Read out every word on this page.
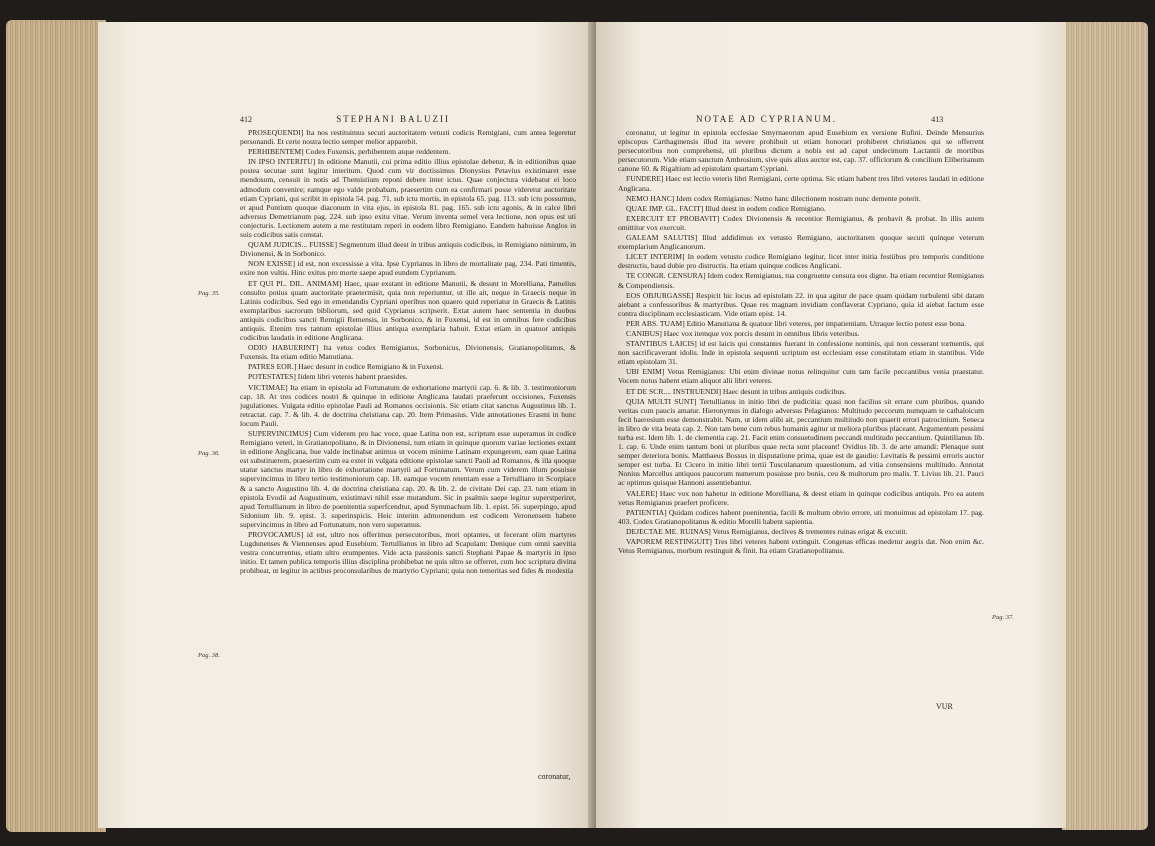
412	STEPHANI BALUZII
Pag. 35.
Pag. 36.
Pag. 38.

PROSEQUENDI] Ita nos restituimus secuti auctoritatem vetusti codicis Remigiani, cum antea legeretur personandi. Et certe nostra lectio semper melior apparebit.

PERHIBENTEM] Codex Fuxensis, perhibentem atque reddentem.

IN IPSO INTERITU] In editione Manutii, cui prima editio illius epistolae debetur, & in editionibus quae postea secutae sunt legitur interitum. Quod cum vir doctissimus Dionysius Petavius existimaret esse mendosum, censuit in notis ad Themistium reponi debere inter ictus. Quae conjectura videbatur ei loco admodum convenire; eamque ego valde probabam, praesertim cum ea confirmari posse videretur auctoritate etiam Cypriani, qui scribit in epistola 54. pag. 71. sub ictu mortis, in epistola 65. pag. 113. sub ictu possumus, et apud Pontium quoque diaconum in vita ejus, in epistola 81. pag. 165. sub ictu agonis, & in calce libri adversus Demetrianum pag. 224. sub ipso exitu vitae. Verum inventa semel vera lectione, non opus est uti conjecturis. Lectionem autem a me restitutam reperi in eodem libro Remigiano. Eandem habuisse Anglos in suis codicibus satis constat.

QUAM JUDICIS... FUISSE] Segmentum illud deest in tribus antiquis codicibus, in Remigiano nimirum, in Divionensi, & in Sorbonico.

NON EXISSE] id est, non excessisse a vita. Ipse Cyprianus in libro de mortalitate pag. 234. Pati timentis, exire non vultis. Hinc exitus pro morte saepe apud eundem Cyprianum.

ET QUI PL. DIL. ANIMAM] Haec, quae exstant in editione Manutii, & desunt in Morelliana, Pamelius consulto potius quam auctoritate praetermisit, quia non reperiuntur, ut ille ait, neque in Graecis neque in Latinis codicibus. Sed ego in emendandis Cypriani operibus non quaero quid reperiatur in Graecis & Latinis exemplaribus sacrorum bibliorum, sed quid Cyprianus scripserit. Extat autem haec sententia in duobus antiquis codicibus sancti Remigii Remensis, in Sorbonico, & in Fuxensi, id est in omnibus fere codicibus antiquis. Etenim tres tantum epistolae illius antiqua exemplaria habuit. Extat etiam in quatuor antiquis codicibus laudatis in editione Anglicana.

ODIO HABUERINT] Ita vetus codex Remigianus, Sorbonicus, Divionensis, Gratianopolitanus, & Fuxensis. Ita etiam editio Manutiana.

PATRES EOR.] Haec desunt in codice Remigiano & in Fuxensi.

POTESTATES] Iidem libri veteres habent praesides.

VICTIMAE] Ita etiam in epistola ad Fortunatum de exhortatione martyrii cap. 6. & lib. 3. testimoniorum cap. 18. At tres codices nostri & quinque in editione Anglicana laudati praeferunt occisiones, Fuxensis jugulationes. Vulgata editio epistolae Pauli ad Romanos occisionis. Sic etiam citat sanctus Augustinus lib. 1. retractat. cap. 7. & lib. 4. de doctrina christiana cap. 20. Item Primasius. Vide annotationes Erasmi in hunc locum Pauli.

SUPERVINCIMUS] Cum viderem pro hac voce, quae Latina non est, scriptum esse superamus in codice Remigiano veteri, in Gratianopolitano, & in Divionensi, tum etiam in quinque quorum variae lectiones extant in editione Anglicana, hue valde inclinabat animus ut vocem minime Latinam expungerem, eam quae Latina est substituerem, praesertim cum ea extet in vulgata editione epistolae sancti Pauli ad Romanos, & illa quoque utatur sanctus martyr in libro de exhortatione martyrii ad Fortunatum. Verum cum viderem illum posuisse supervincimus in libro tertio testimoniorum cap. 18. eamque vocem retentam esse a Tertulliano in Scorpiace & a sancto Augustino lib. 4. de doctrina christiana cap. 20. & lib. 2. de civitate Dei cap. 23. tum etiam in epistola Evodii ad Augustinum, existimavi nihil esse mutandum. Sic in psalmis saepe legitur superstperiret, apud Tertullianum in libro de poenitentia superfcendtur, apud Symmachum lib. 1. epist. 56. superpingo, apud Sidonium lib. 9. epist. 3. superinspicis. Heic interim admonendum est codicem Veronensem habere supervincimus in libro ad Fortunatum, non vero superamus.

PROVOCAMUS] id est, ultro nos offerimus persecutoribus, mori optantes, ut fecerant olim martyres Lugdunenses & Viennenses apud Eusebium. Tertullianus in libro ad Scapulam: Denique cum omni saevitia vestra concurrentus, etiam ultro erumpentes. Vide acta passionis sancti Stephani Papae & martyris in ipso initio. Et tamen publica temporis illius disciplina prohibebat ne quis ultro se offerret, cum hoc scriptura divina prohibeat, ut legitur in actibus proconsularibus de martyrio Cypriani; quia non temeritas sed fides & modestia

coronatur,
NOTAE AD CYPRIANUM.	413
Pag. 37.

coronatur, ut legitur in epistola ecclesiae Smyrnaeorum apud Eusebium ex versione Rufini. Deinde Mensurius episcopus Carthaginensis illud ita severe prohibuit ut etiam honorari prohiberet christianos qui se offerrent persecutoribus non comprehensi, uti pluribus dictum a nobis est ad caput undecimum Lactantii de mortibus persecutorum. Vide etiam sanctum Ambrosium, sive quis alius auctor est, cap. 37. officiorum & concilium Eliberitanum canone 60. & Rigaltium ad epistolam quartam Cypriani.

FUNDERE] Haec est lectio veteris libri Remigiani, certe optima. Sic etiam habent tres libri veteres laudati in editione Anglicana.

NEMO HANC] Idem codex Remigianus: Nemo hanc dilectionem nostram nunc demente poterit.

QUAE IMP. GL. FACIT] Illud deest in eodem codice Remigiano.

EXERCUIT ET PROBAVIT] Codex Divionensis & recentior Remigianus, & probavit & probat. In illis autem omittitur vox exercuit.

GALEAM SALUTIS] Illud addidimus ex vetusto Remigiano, auctoritatem quoque secuti quinque veterum exemplarium Anglicanorum.

LICET INTERIM] In eodem vetusto codice Remigiano legitur, licet inter initia festiibus pro temporis conditione destructis, haud dubie pro distructis. Ita etiam quinque codices Anglicani.

TE CONGR. CENSURA] Idem codex Remigianus, tua congruente censura eos digne. Ita etiam recentior Remigianus & Compendiensis.

EOS OBJURGASSE] Respicit hic locus ad epistolam 22. in qua agitur de pace quam quidam turbulenti sibi datam aiebant a confessoribus & martyribus. Quae res magnam invidiam conflaverat Cypriano, quia id aiebat factum esse contra disciplinam ecclesiasticam. Vide etiam epist. 14.

PER ABS. TUAM] Editio Manutiana & quatuor libri veteres, per impatientiam. Utraque lectio potest esse bona.

CANIBUS] Haec vox itemque vox porcis desunt in omnibus libris veteribus.

STANTIBUS LAICIS] id est laicis qui constantes fuerant in confessione nominis, qui non cesserant tormentis, qui non sacrificaverant idolis. Inde in epistola sequenti scriptum est ecclesiam esse constitutam etiam in stantibus. Vide etiam epistolam 31.

UBI ENIM] Vetus Remigianus: Ubi enim divinae notus relinquitur cum tam facile peccantibus venia praestatur. Vocem notus habent etiam aliquot alii libri veteres.

ET DE SCR.... INSTRUENDI] Haec desunt in tribus antiquis codicibus.

QUIA MULTI SUNT] Tertullianus in initio libri de pudicitia: quasi non facilius sit errare cum pluribus, quando veritas cum paucis amatur. Hieronymus in dialogo adversus Pelagianos: Multitudo peccorum numquam te cathaloicum fecit haeresium esse demonstrabit. Nam, ut idem alibi ait, peccantium multitudo non quaerit errori patrocinium. Seneca in libro de vita beata cap. 2. Non tam bene cum rebus humanis agitur ut meliora pluribus placeant. Argumentum pessimi turba est. Idem lib. 1. de clementia cap. 21. Facit enim consuetudinem peccandi multitudo peccantium. Quintilianus lib. 1. cap. 6. Unde enim tantum boni ut pluribus quae recta sunt placeant! Ovidius lib. 3. de arte amandi: Plenaque sunt semper deteriora bonis. Matthaeus Bossus in disputatione prima, quae est de gaudio: Levitatis & pessimi erroris auctor semper est turba. Et Cicero in initio libri tertii Tusculanarum quaestionum, ad vitia consensiens multitudo. Annotat Nonius Marcellus antiquos paucorum numerum posuisse pro bonis, ceu & multorum pro malis. T. Livius lib. 21. Pauci ac optimus quisque Hannoni assentiebantur.

VALERE] Haec vox non habetur in editione Morelliana, & deest etiam in quinque codicibus antiquis. Pro ea autem vetus Remigianus praefert proficere.

PATIENTIA] Quidam codices habent poenitentia, facili & multum obvio errore, uti monuimus ad epistolam 17. pag. 403. Codex Gratianopolitanus & editio Morelli habent sapientia.

DEJECTAE ME. RUINAS] Vetus Remigianus, declives & trementes ruinas erigat & excutit.

VAPOREM RESTINGUIT] Tres libri veteres habent extinguit. Congenas efficas medetur aegris dat. Non enim &c. Vetus Remigianus, morbum restinguit & finit. Ita etiam Gratianopolitanus.

VUR
